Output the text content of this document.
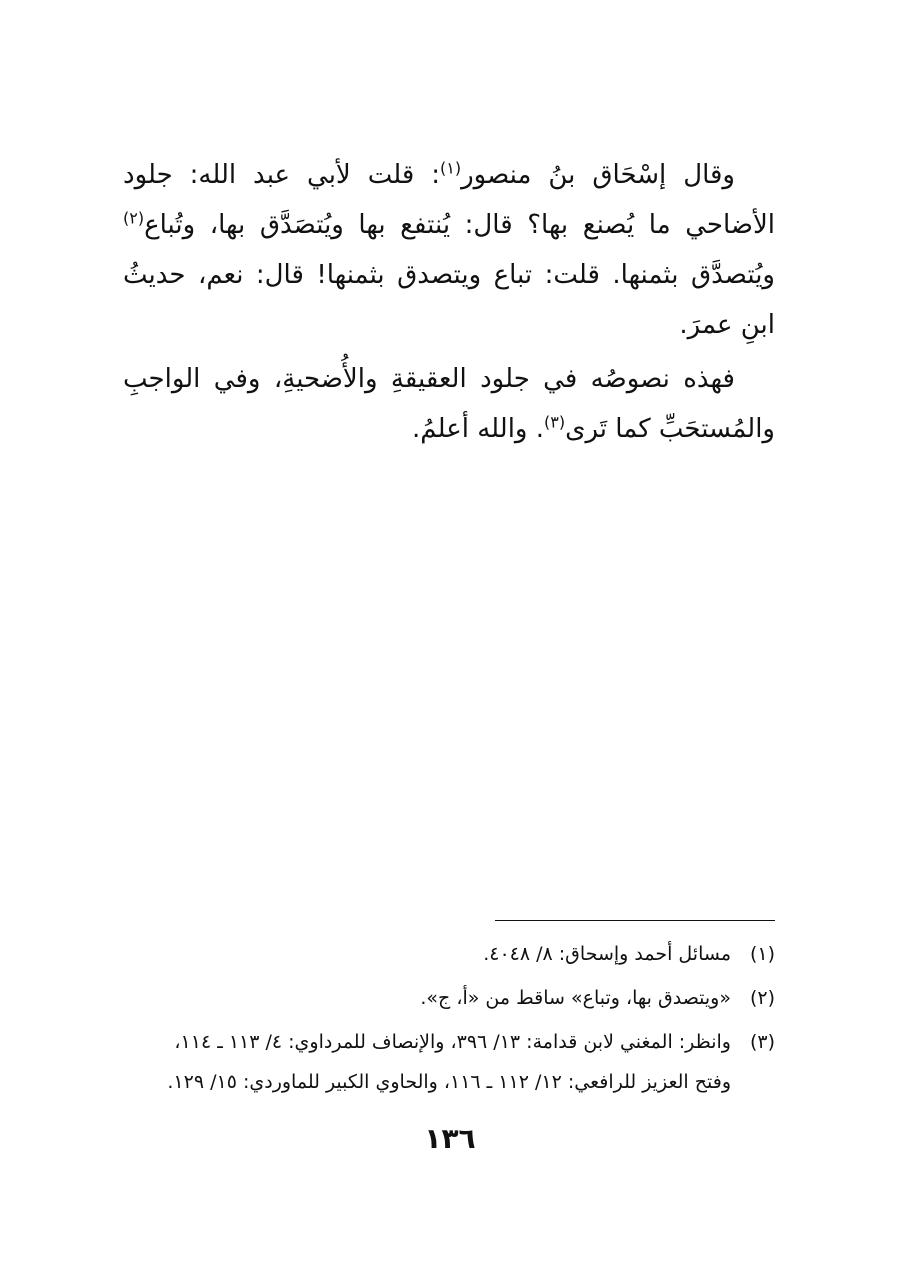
وقال إسْحَاق بنُ منصور$^{(١)}$: قلت لأبي عبد الله: جلود الأضاحي ما يُصنع بها؟ قال: يُنتفع بها ويُتصَدَّق بها، وتُباع$^{(٢)}$ ويُتصدَّق بثمنها. قلت: تباع ويتصدق بثمنها! قال: نعم، حديثُ ابنِ عمرَ.

فهذه نصوصُه في جلود العقيقةِ والأُضحيةِ، وفي الواجبِ والمُستحَبِّ كما تَرى$^{(٣)}$. والله أعلمُ.

(١)
مسائل أحمد وإسحاق: ٨/ ٤٠٤٨.
(٢)
«ويتصدق بها، وتباع» ساقط من «أ، ج».
(٣)
وانظر: المغني لابن قدامة: ١٣/ ٣٩٦، والإنصاف للمرداوي: ٤/ ١١٣ ـ ١١٤،
وفتح العزيز للرافعي: ١٢/ ١١٢ ـ ١١٦، والحاوي الكبير للماوردي: ١٥/ ١٢٩.
١٣٦
